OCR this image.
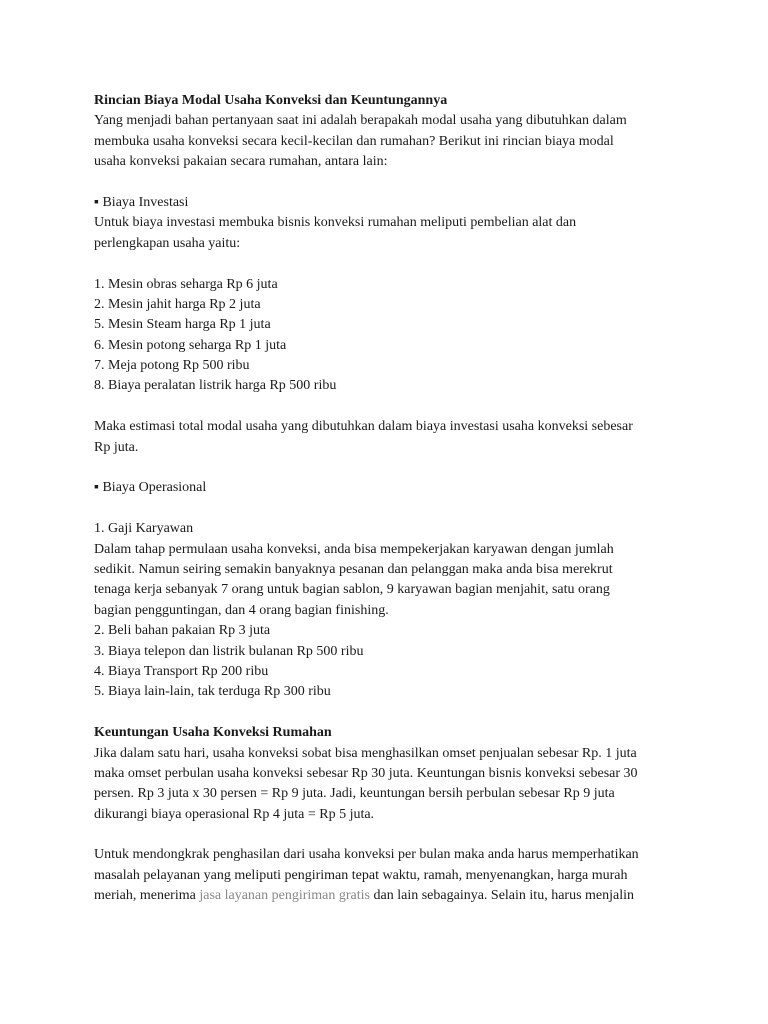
Rincian Biaya Modal Usaha Konveksi dan Keuntungannya
Yang menjadi bahan pertanyaan saat ini adalah berapakah modal usaha yang dibutuhkan dalam
membuka usaha konveksi secara kecil-kecilan dan rumahan? Berikut ini rincian biaya modal
usaha konveksi pakaian secara rumahan, antara lain:
▪ Biaya Investasi
Untuk biaya investasi membuka bisnis konveksi rumahan meliputi pembelian alat dan
perlengkapan usaha yaitu:
1. Mesin obras seharga Rp 6 juta
2. Mesin jahit harga Rp 2 juta
5. Mesin Steam harga Rp 1 juta
6. Mesin potong seharga Rp 1 juta
7. Meja potong Rp 500 ribu
8. Biaya peralatan listrik harga Rp 500 ribu
Maka estimasi total modal usaha yang dibutuhkan dalam biaya investasi usaha konveksi sebesar
Rp juta.
▪ Biaya Operasional
1. Gaji Karyawan
Dalam tahap permulaan usaha konveksi, anda bisa mempekerjakan karyawan dengan jumlah
sedikit. Namun seiring semakin banyaknya pesanan dan pelanggan maka anda bisa merekrut
tenaga kerja sebanyak 7 orang untuk bagian sablon, 9 karyawan bagian menjahit, satu orang
bagian pengguntingan, dan 4 orang bagian finishing.
2. Beli bahan pakaian Rp 3 juta
3. Biaya telepon dan listrik bulanan Rp 500 ribu
4. Biaya Transport Rp 200 ribu
5. Biaya lain-lain, tak terduga Rp 300 ribu
Keuntungan Usaha Konveksi Rumahan
Jika dalam satu hari, usaha konveksi sobat bisa menghasilkan omset penjualan sebesar Rp. 1 juta
maka omset perbulan usaha konveksi sebesar Rp 30 juta. Keuntungan bisnis konveksi sebesar 30
persen. Rp 3 juta x 30 persen = Rp 9 juta. Jadi, keuntungan bersih perbulan sebesar Rp 9 juta
dikurangi biaya operasional Rp 4 juta = Rp 5 juta.
Untuk mendongkrak penghasilan dari usaha konveksi per bulan maka anda harus memperhatikan
masalah pelayanan yang meliputi pengiriman tepat waktu, ramah, menyenangkan, harga murah
meriah, menerima jasa layanan pengiriman gratis dan lain sebagainya. Selain itu, harus menjalin
